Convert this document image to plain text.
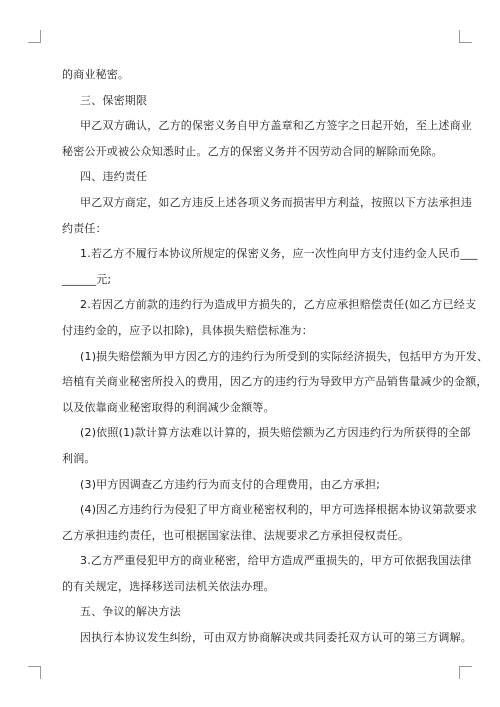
的商业秘密。

三、保密期限

甲乙双方确认，乙方的保密义务自甲方盖章和乙方签字之日起开始，至上述商业

秘密公开或被公众知悉时止。乙方的保密义务并不因劳动合同的解除而免除。

四、违约责任

甲乙双方商定，如乙方违反上述各项义务而损害甲方利益，按照以下方法承担违

约责任：

1.若乙方不履行本协议所规定的保密义务，应一次性向甲方支付违约金人民币___

______元;

2.若因乙方前款的违约行为造成甲方损失的，乙方应承担赔偿责任(如乙方已经支

付违约金的，应予以扣除)，具体损失赔偿标准为：

(1)损失赔偿额为甲方因乙方的违约行为所受到的实际经济损失，包括甲方为开发、

培植有关商业秘密所投入的费用，因乙方的违约行为导致甲方产品销售量减少的金额，

以及依靠商业秘密取得的利润减少金额等。

(2)依照(1)款计算方法难以计算的，损失赔偿额为乙方因违约行为所获得的全部

利润。

(3)甲方因调查乙方违约行为而支付的合理费用，由乙方承担;

(4)因乙方违约行为侵犯了甲方商业秘密权利的，甲方可选择根据本协议第款要求

乙方承担违约责任，也可根据国家法律、法规要求乙方承担侵权责任。

3.乙方严重侵犯甲方的商业秘密，给甲方造成严重损失的，甲方可依据我国法律

的有关规定，选择移送司法机关依法办理。

五、争议的解决方法

因执行本协议发生纠纷，可由双方协商解决或共同委托双方认可的第三方调解。
